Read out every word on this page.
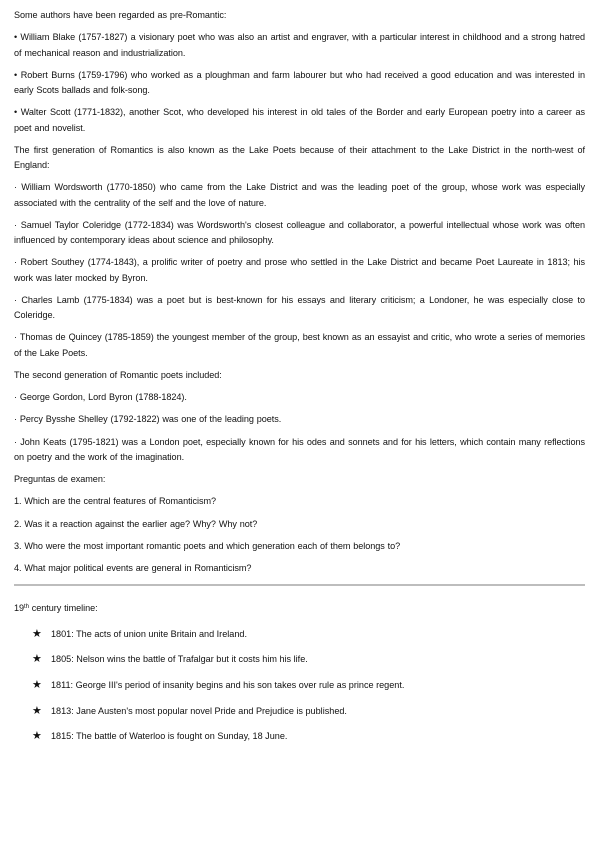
Some authors have been regarded as pre-Romantic:

• William Blake (1757-1827) a visionary poet who was also an artist and engraver, with a particular interest in childhood and a strong hatred of mechanical reason and industrialization.

• Robert Burns (1759-1796) who worked as a ploughman and farm labourer but who had received a good education and was interested in early Scots ballads and folk-song.

• Walter Scott (1771-1832), another Scot, who developed his interest in old tales of the Border and early European poetry into a career as poet and novelist.

The first generation of Romantics is also known as the Lake Poets because of their attachment to the Lake District in the north-west of England:

· William Wordsworth (1770-1850) who came from the Lake District and was the leading poet of the group, whose work was especially associated with the centrality of the self and the love of nature.

· Samuel Taylor Coleridge (1772-1834) was Wordsworth's closest colleague and collaborator, a powerful intellectual whose work was often influenced by contemporary ideas about science and philosophy.

· Robert Southey (1774-1843), a prolific writer of poetry and prose who settled in the Lake District and became Poet Laureate in 1813; his work was later mocked by Byron.

· Charles Lamb (1775-1834) was a poet but is best-known for his essays and literary criticism; a Londoner, he was especially close to Coleridge.

· Thomas de Quincey (1785-1859) the youngest member of the group, best known as an essayist and critic, who wrote a series of memories of the Lake Poets.

The second generation of Romantic poets included:

· George Gordon, Lord Byron (1788-1824).

· Percy Bysshe Shelley (1792-1822) was one of the leading poets.

· John Keats (1795-1821) was a London poet, especially known for his odes and sonnets and for his letters, which contain many reflections on poetry and the work of the imagination.

Preguntas de examen:

1. Which are the central features of Romanticism?

2. Was it a reaction against the earlier age? Why? Why not?

3. Who were the most important romantic poets and which generation each of them belongs to?

4. What major political events are general in Romanticism?

19th century timeline:

★ 1801: The acts of union unite Britain and Ireland.
★ 1805: Nelson wins the battle of Trafalgar but it costs him his life.
★ 1811: George III's period of insanity begins and his son takes over rule as prince regent.
★ 1813: Jane Austen's most popular novel Pride and Prejudice is published.
★ 1815: The battle of Waterloo is fought on Sunday, 18 June.
